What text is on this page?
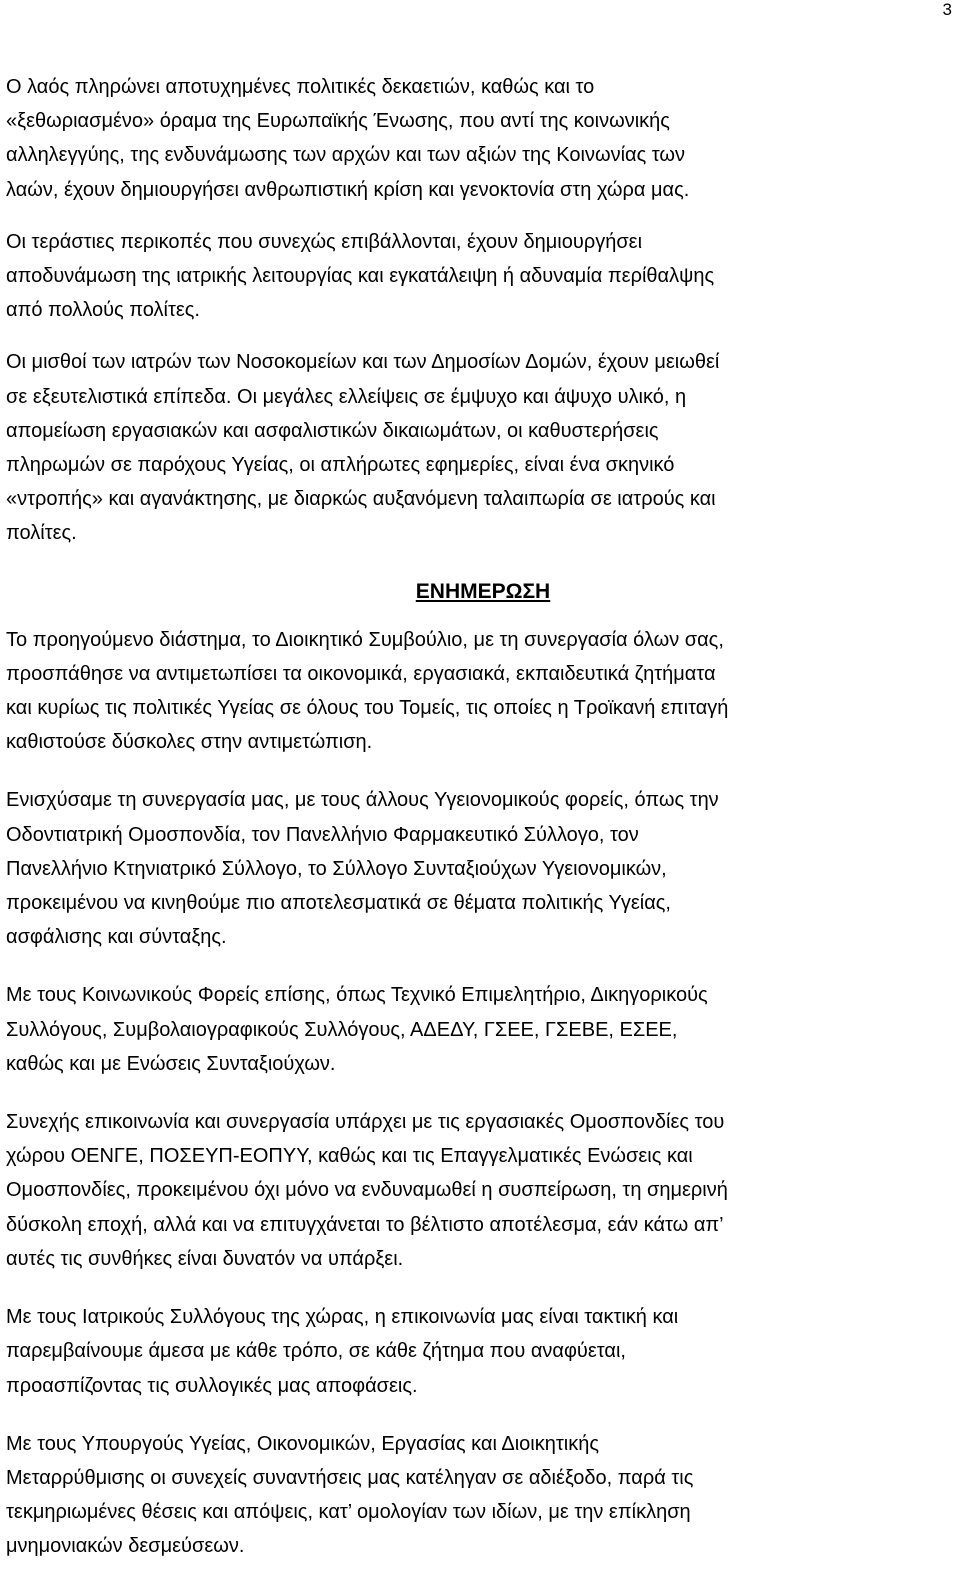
3

Ο λαός πληρώνει αποτυχημένες πολιτικές δεκαετιών, καθώς και το
«ξεθωριασμένο» όραμα της Ευρωπαϊκής Ένωσης, που αντί της κοινωνικής
αλληλεγγύης, της ενδυνάμωσης των αρχών και των αξιών της Κοινωνίας των
λαών, έχουν δημιουργήσει ανθρωπιστική κρίση και γενοκτονία στη χώρα μας.

Οι τεράστιες περικοπές που συνεχώς επιβάλλονται, έχουν δημιουργήσει
αποδυνάμωση της ιατρικής λειτουργίας και εγκατάλειψη ή αδυναμία περίθαλψης
από πολλούς πολίτες.

Οι μισθοί των ιατρών των Νοσοκομείων και των Δημοσίων Δομών, έχουν μειωθεί
σε εξευτελιστικά επίπεδα. Οι μεγάλες ελλείψεις σε έμψυχο και άψυχο υλικό, η
απομείωση εργασιακών και ασφαλιστικών δικαιωμάτων, οι καθυστερήσεις
πληρωμών σε παρόχους Υγείας, οι απλήρωτες εφημερίες, είναι ένα σκηνικό
«ντροπής» και αγανάκτησης, με διαρκώς αυξανόμενη ταλαιπωρία σε ιατρούς και
πολίτες.

ΕΝΗΜΕΡΩΣΗ

Το προηγούμενο διάστημα, το Διοικητικό Συμβούλιο, με τη συνεργασία όλων σας,
προσπάθησε να αντιμετωπίσει τα οικονομικά, εργασιακά, εκπαιδευτικά ζητήματα
και κυρίως τις πολιτικές Υγείας σε όλους του Τομείς, τις οποίες η Τροϊκανή επιταγή
καθιστούσε δύσκολες στην αντιμετώπιση.

Ενισχύσαμε τη συνεργασία μας, με τους άλλους Υγειονομικούς φορείς, όπως την
Οδοντιατρική Ομοσπονδία, τον Πανελλήνιο Φαρμακευτικό Σύλλογο, τον
Πανελλήνιο Κτηνιατρικό Σύλλογο, το Σύλλογο Συνταξιούχων Υγειονομικών,
προκειμένου να κινηθούμε πιο αποτελεσματικά σε θέματα πολιτικής Υγείας,
ασφάλισης και σύνταξης.

Με τους Κοινωνικούς Φορείς επίσης, όπως Τεχνικό Επιμελητήριο, Δικηγορικούς
Συλλόγους, Συμβολαιογραφικούς Συλλόγους, ΑΔΕΔΥ, ΓΣΕΕ, ΓΣΕΒΕ, ΕΣΕΕ,
καθώς και με Ενώσεις Συνταξιούχων.

Συνεχής επικοινωνία και συνεργασία υπάρχει με τις εργασιακές Ομοσπονδίες του
χώρου ΟΕΝΓΕ, ΠΟΣΕΥΠ-ΕΟΠΥΥ, καθώς και τις Επαγγελματικές Ενώσεις και
Ομοσπονδίες, προκειμένου όχι μόνο να ενδυναμωθεί η συσπείρωση, τη σημερινή
δύσκολη εποχή, αλλά και να επιτυγχάνεται το βέλτιστο αποτέλεσμα, εάν κάτω απ’
αυτές τις συνθήκες είναι δυνατόν να υπάρξει.

Με τους Ιατρικούς Συλλόγους της χώρας, η επικοινωνία μας είναι τακτική και
παρεμβαίνουμε άμεσα με κάθε τρόπο, σε κάθε ζήτημα που αναφύεται,
προασπίζοντας τις συλλογικές μας αποφάσεις.

Με τους Υπουργούς Υγείας, Οικονομικών, Εργασίας και Διοικητικής
Μεταρρύθμισης οι συνεχείς συναντήσεις μας κατέληγαν σε αδιέξοδο, παρά τις
τεκμηριωμένες θέσεις και απόψεις, κατ’ ομολογίαν των ιδίων, με την επίκληση
μνημονιακών δεσμεύσεων.
